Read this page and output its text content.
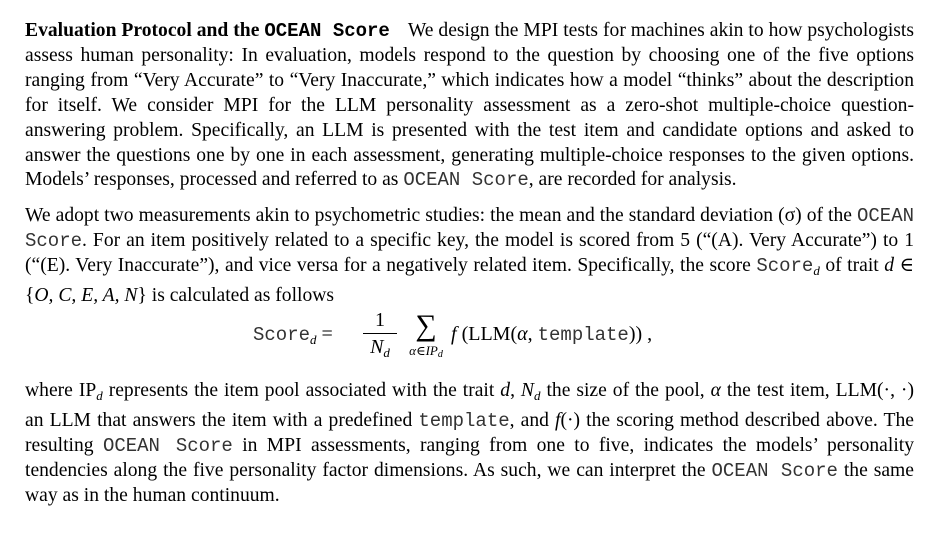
Evaluation Protocol and the OCEAN Score We design the MPI tests for machines akin to how psychologists assess human personality: In evaluation, models respond to the question by choosing one of the five options ranging from “Very Accurate” to “Very Inaccurate,” which indicates how a model “thinks” about the description for itself. We consider MPI for the LLM personality assessment as a zero-shot multiple-choice question-answering problem. Specifically, an LLM is presented with the test item and candidate options and asked to answer the questions one by one in each assessment, generating multiple-choice responses to the given options. Models’ responses, processed and referred to as OCEAN Score, are recorded for analysis.

We adopt two measurements akin to psychometric studies: the mean and the standard deviation (σ) of the OCEAN Score. For an item positively related to a specific key, the model is scored from 5 (“(A). Very Accurate”) to 1 (“(E). Very Inaccurate”), and vice versa for a negatively related item. Specifically, the score Score$_d$ of trait d ∈ {O, C, E, A, N} is calculated as follows

Score$_d$ =
1
$N_d$
∑
$\alpha\in IP_d$
f (LLM(α, template)) ,

where $IP_d$ represents the item pool associated with the trait d, $N_d$ the size of the pool, α the test item, LLM(·, ·) an LLM that answers the item with a predefined template, and f(·) the scoring method described above. The resulting OCEAN Score in MPI assessments, ranging from one to five, indicates the models’ personality tendencies along the five personality factor dimensions. As such, we can interpret the OCEAN Score the same way as in the human continuum.
